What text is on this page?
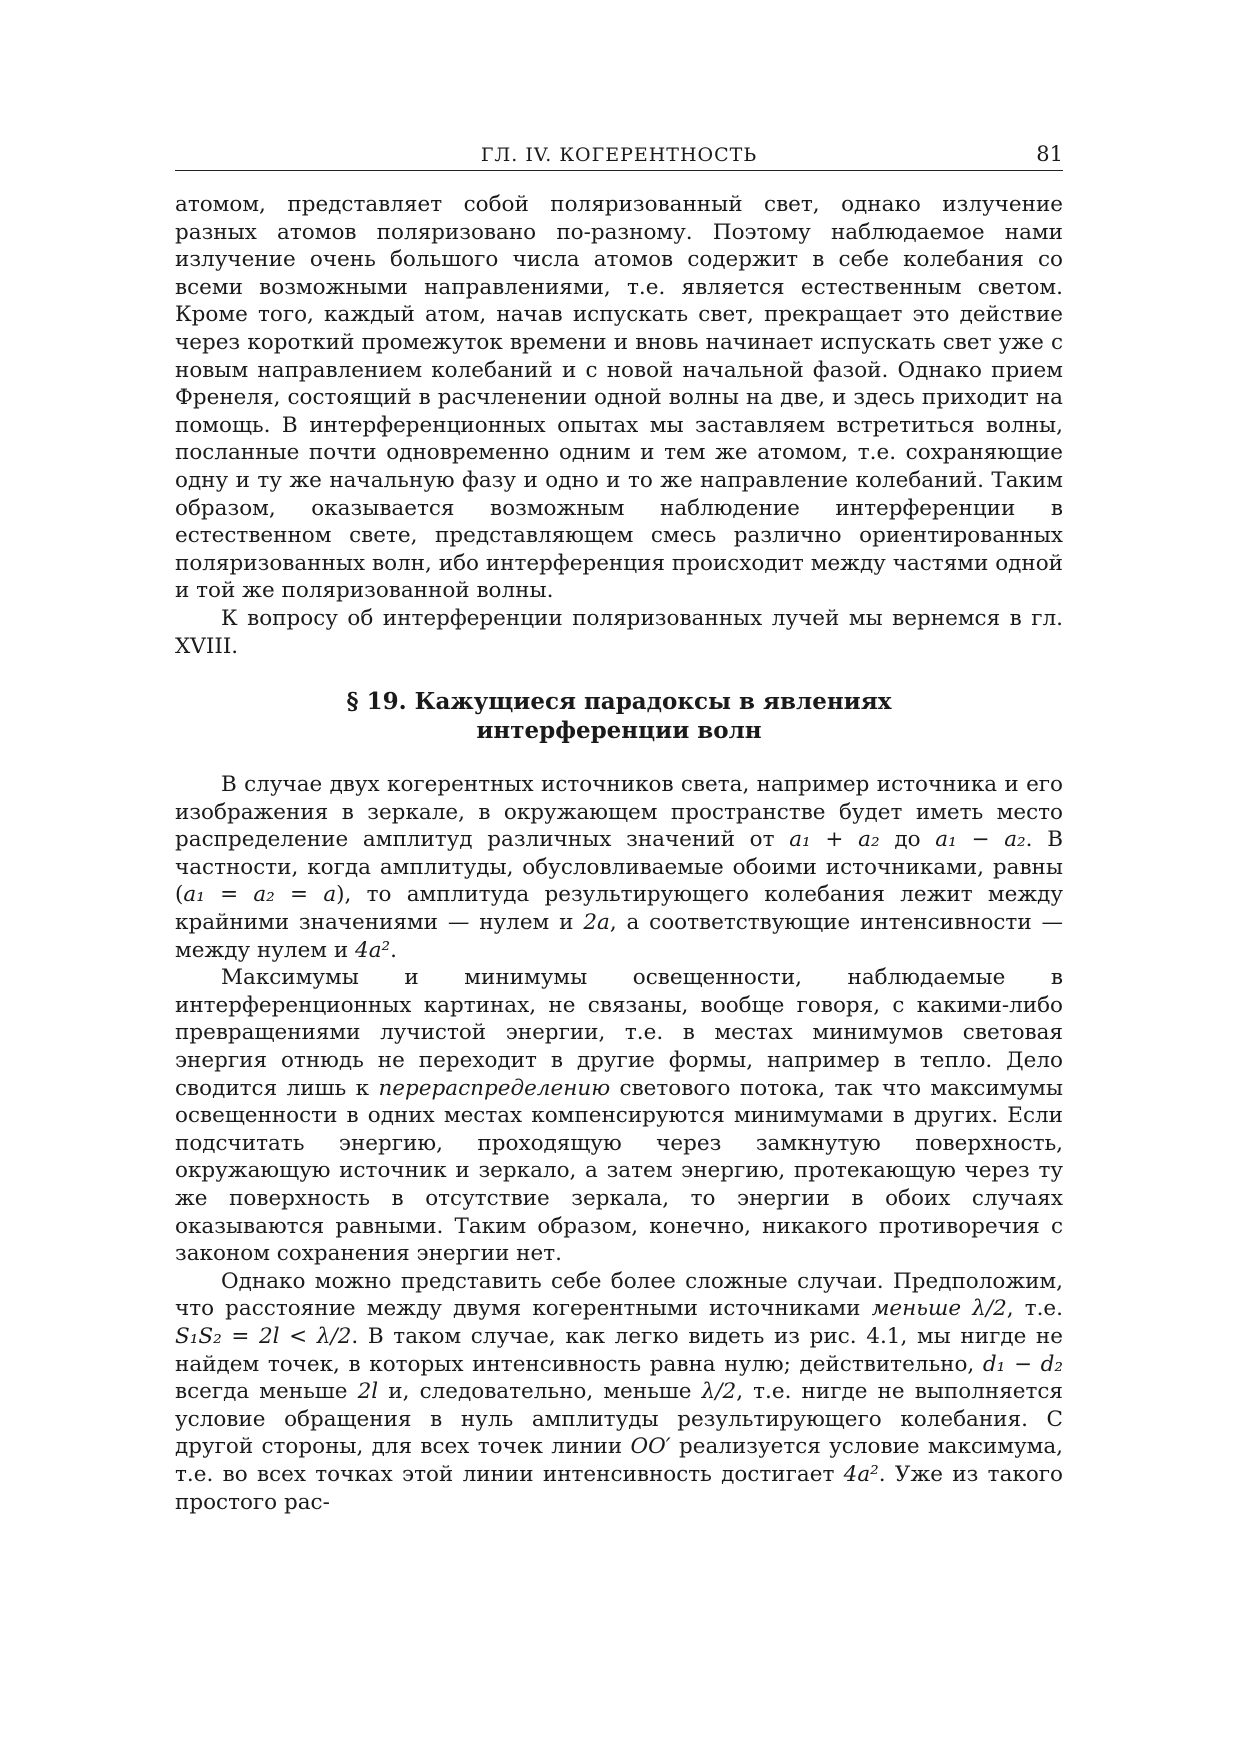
ГЛ. IV. КОГЕРЕНТНОСТЬ	81

атомом, представляет собой поляризованный свет, однако излучение разных атомов поляризовано по-разному. Поэтому наблюдаемое нами излучение очень большого числа атомов содержит в себе колебания со всеми возможными направлениями, т.е. является естественным светом. Кроме того, каждый атом, начав испускать свет, прекращает это действие через короткий промежуток времени и вновь начинает испускать свет уже с новым направлением колебаний и с новой начальной фазой. Однако прием Френеля, состоящий в расчленении одной волны на две, и здесь приходит на помощь. В интерференционных опытах мы заставляем встретиться волны, посланные почти одновременно одним и тем же атомом, т.е. сохраняющие одну и ту же начальную фазу и одно и то же направление колебаний. Таким образом, оказывается возможным наблюдение интерференции в естественном свете, представляющем смесь различно ориентированных поляризованных волн, ибо интерференция происходит между частями одной и той же поляризованной волны.

К вопросу об интерференции поляризованных лучей мы вернемся в гл. XVIII.

§ 19. Кажущиеся парадоксы в явлениях
интерференции волн

В случае двух когерентных источников света, например источника и его изображения в зеркале, в окружающем пространстве будет иметь место распределение амплитуд различных значений от a₁ + a₂ до a₁ − a₂. В частности, когда амплитуды, обусловливаемые обоими источниками, равны (a₁ = a₂ = a), то амплитуда результирующего колебания лежит между крайними значениями — нулем и 2a, а соответствующие интенсивности — между нулем и 4a².

Максимумы и минимумы освещенности, наблюдаемые в интерференционных картинах, не связаны, вообще говоря, с какими-либо превращениями лучистой энергии, т.е. в местах минимумов световая энергия отнюдь не переходит в другие формы, например в тепло. Дело сводится лишь к перераспределению светового потока, так что максимумы освещенности в одних местах компенсируются минимумами в других. Если подсчитать энергию, проходящую через замкнутую поверхность, окружающую источник и зеркало, а затем энергию, протекающую через ту же поверхность в отсутствие зеркала, то энергии в обоих случаях оказываются равными. Таким образом, конечно, никакого противоречия с законом сохранения энергии нет.

Однако можно представить себе более сложные случаи. Предположим, что расстояние между двумя когерентными источниками меньше λ/2, т.е. S₁S₂ = 2l < λ/2. В таком случае, как легко видеть из рис. 4.1, мы нигде не найдем точек, в которых интенсивность равна нулю; действительно, d₁ − d₂ всегда меньше 2l и, следовательно, меньше λ/2, т.е. нигде не выполняется условие обращения в нуль амплитуды результирующего колебания. С другой стороны, для всех точек линии OO′ реализуется условие максимума, т.е. во всех точках этой линии интенсивность достигает 4a². Уже из такого простого рас-
